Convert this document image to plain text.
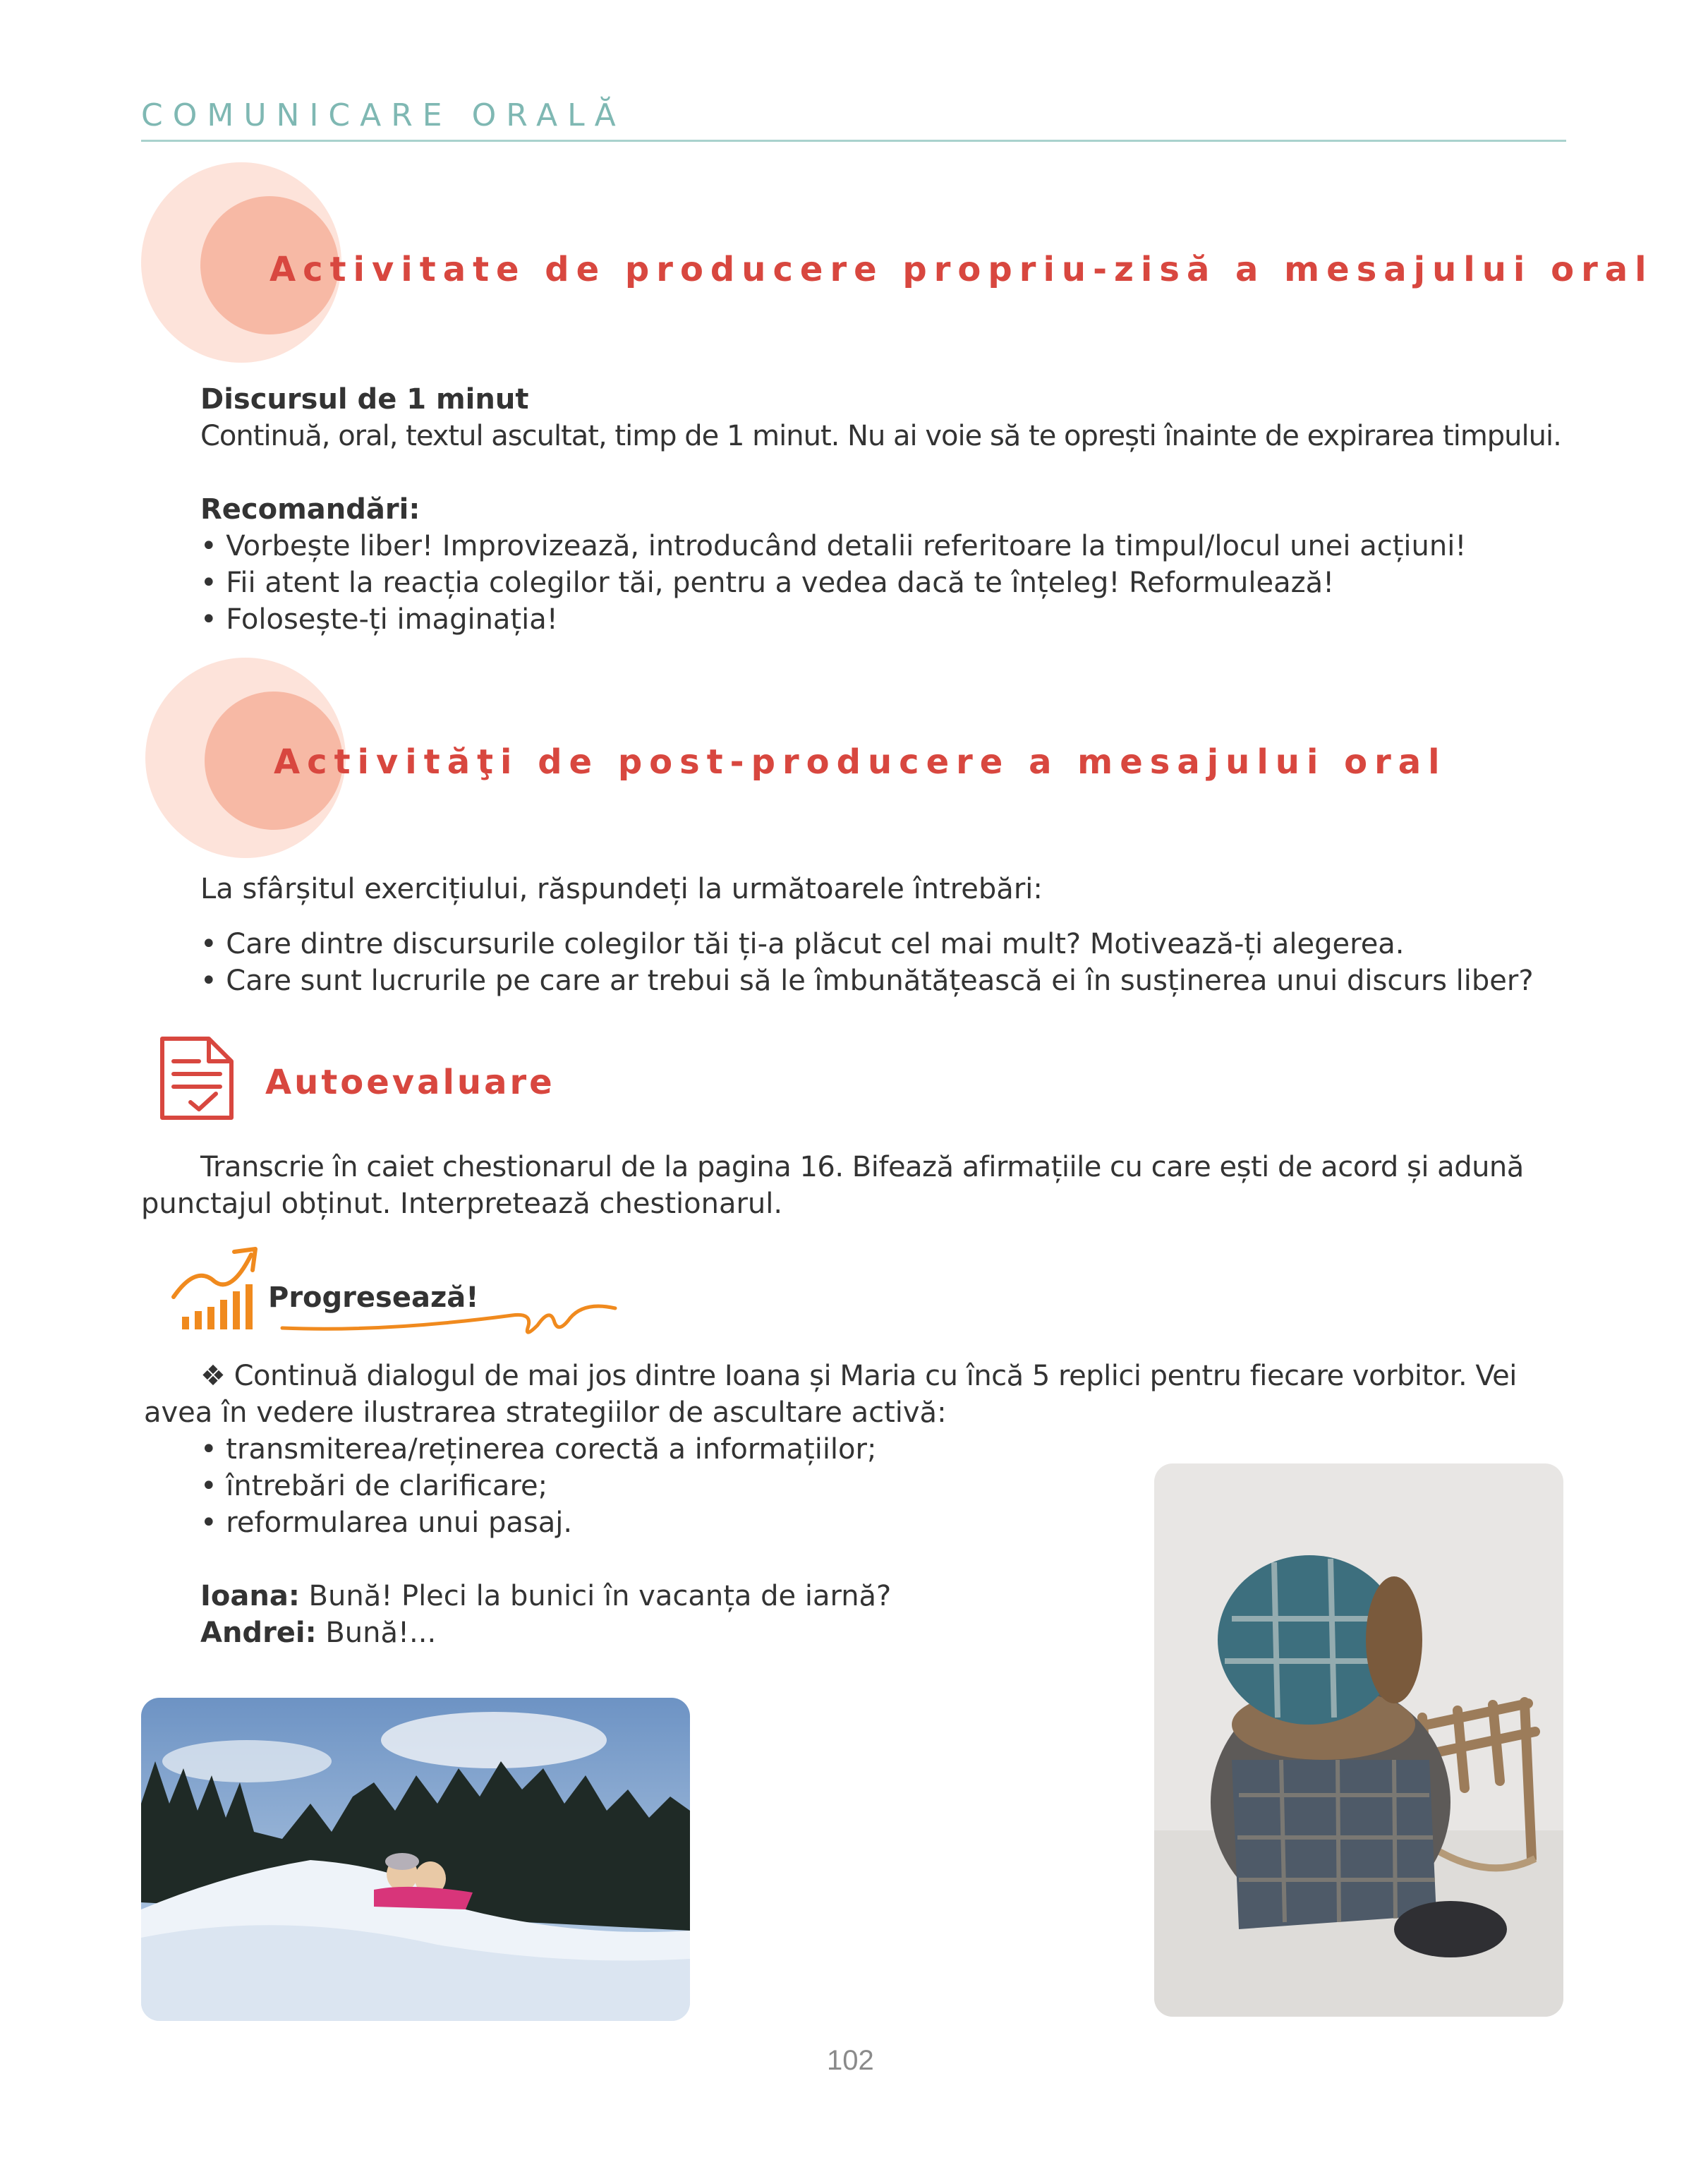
COMUNICARE ORALĂ
Activitate de producere propriu-zisă a mesajului oral
Discursul de 1 minut
Continuă, oral, textul ascultat, timp de 1 minut. Nu ai voie să te oprești înainte de expirarea timpului.
Recomandări:
• Vorbește liber! Improvizează, introducând detalii referitoare la timpul/locul unei acțiuni!
• Fii atent la reacția colegilor tăi, pentru a vedea dacă te înțeleg! Reformulează!
• Folosește-ți imaginația!
Activităţi de post-producere a mesajului oral
La sfârșitul exercițiului, răspundeți la următoarele întrebări:
• Care dintre discursurile colegilor tăi ți-a plăcut cel mai mult? Motivează-ți alegerea.
• Care sunt lucrurile pe care ar trebui să le îmbunătățească ei în susținerea unui discurs liber?
Autoevaluare
Transcrie în caiet chestionarul de la pagina 16. Bifează afirmațiile cu care ești de acord și adună
punctajul obținut. Interpretează chestionarul.
Progresează!
❖ Continuă dialogul de mai jos dintre Ioana și Maria cu încă 5 replici pentru fiecare vorbitor. Vei
avea în vedere ilustrarea strategiilor de ascultare activă:
• transmiterea/reținerea corectă a informațiilor;
• întrebări de clarificare;
• reformularea unui pasaj.
Ioana: Bună! Pleci la bunici în vacanța de iarnă?
Andrei: Bună!...
102
